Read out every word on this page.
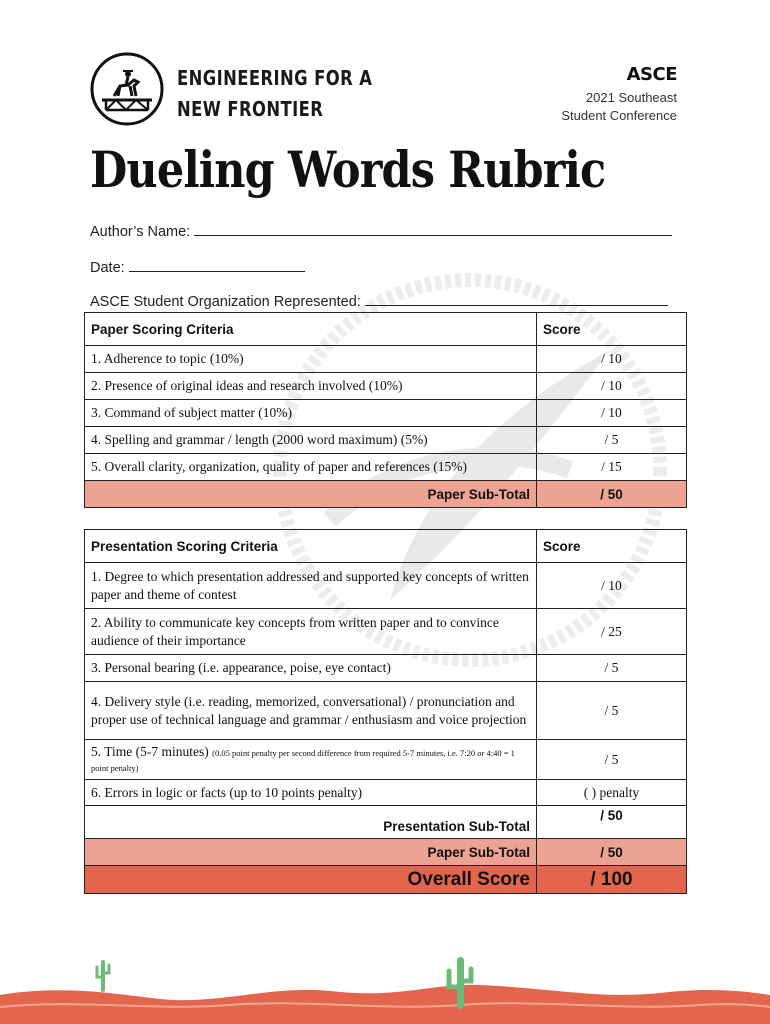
ENGINEERING FOR A
NEW FRONTIER
ASCE
2021 Southeast
Student Conference
Dueling Words Rubric
Author’s Name:
Date:
ASCE Student Organization Represented:
Paper Scoring Criteria	Score
1. Adherence to topic (10%)	/ 10
2. Presence of original ideas and research involved (10%)	/ 10
3. Command of subject matter (10%)	/ 10
4. Spelling and grammar / length (2000 word maximum) (5%)	/ 5
5. Overall clarity, organization, quality of paper and references (15%)	/ 15
Paper Sub-Total	/ 50
Presentation Scoring Criteria	Score
1. Degree to which presentation addressed and supported key concepts of written paper and theme of contest	/ 10
2. Ability to communicate key concepts from written paper and to convince audience of their importance	/ 25
3. Personal bearing (i.e. appearance, poise, eye contact)	/ 5
4. Delivery style (i.e. reading, memorized, conversational) / pronunciation and proper use of technical language and grammar / enthusiasm and voice projection	/ 5
5. Time (5-7 minutes) (0.05 point penalty per second difference from required 5-7 minutes, i.e. 7:20 or 4:40 = 1 point penalty)	/ 5
6. Errors in logic or facts (up to 10 points penalty)	( ) penalty
Presentation Sub-Total	/ 50
Paper Sub-Total	/ 50
Overall Score	/ 100
